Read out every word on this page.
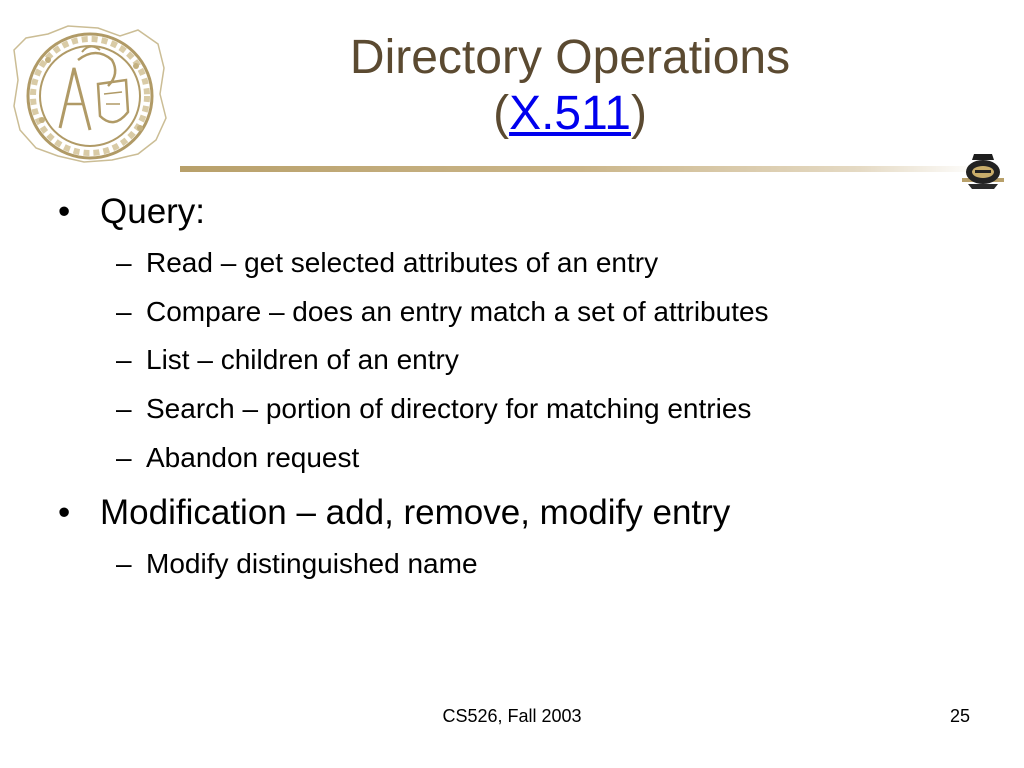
Directory Operations
(X.511)
• Query:
– Read – get selected attributes of an entry
– Compare – does an entry match a set of attributes
– List – children of an entry
– Search – portion of directory for matching entries
– Abandon request
• Modification – add, remove, modify entry
– Modify distinguished name
CS526, Fall 2003	25
